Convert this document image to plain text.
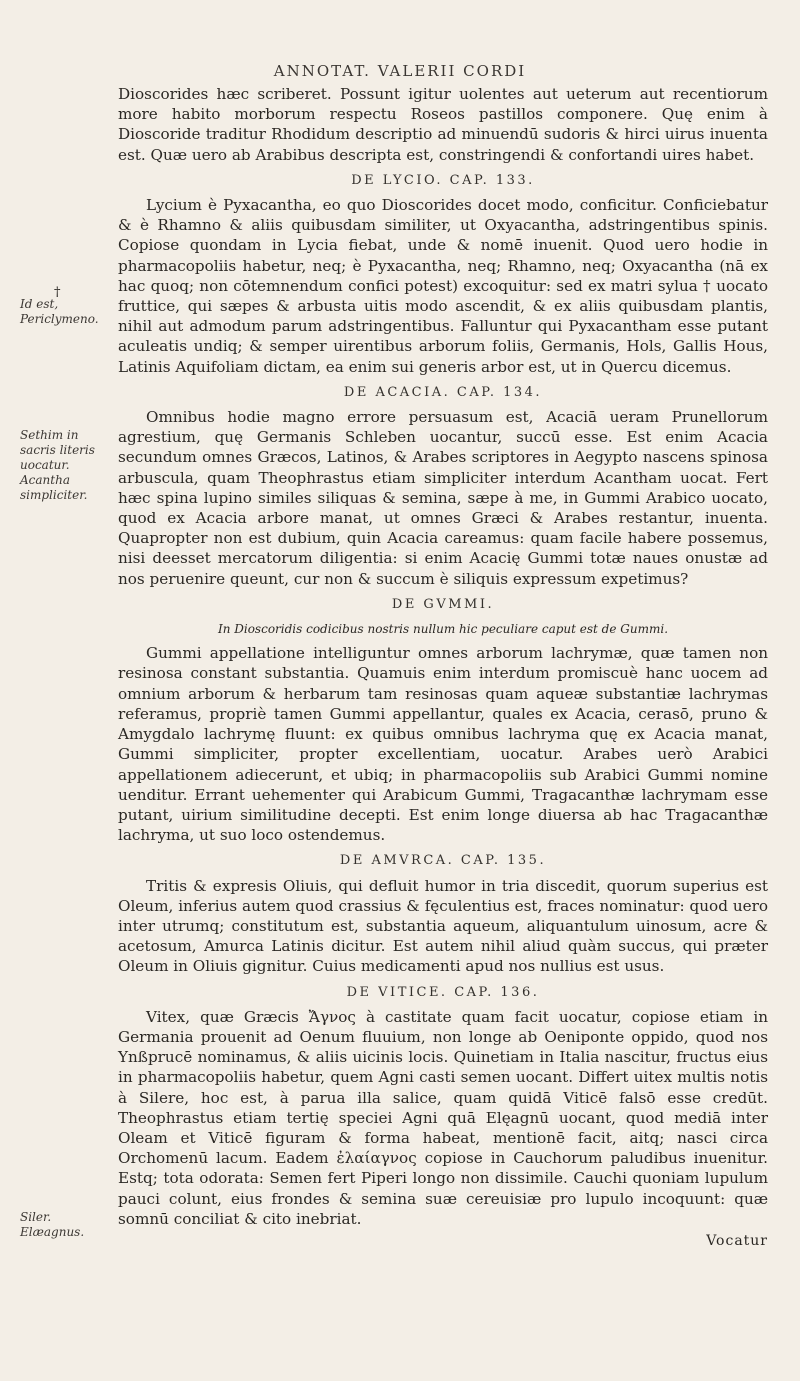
ANNOTAT. VALERII CORDI
†
Id est, Periclymeno.
Sethim in sacris literis uocatur. Acantha simpliciter.
Siler. Elæagnus.

Dioscorides hæc scriberet. Possunt igitur uolentes aut ueterum aut recentiorum more habito morborum respectu Roseos pastillos componere. Quę enim à Dioscoride traditur Rhodidum descriptio ad minuendū sudoris & hirci uirus inuenta est. Quæ uero ab Arabibus descripta est, constringendi & confortandi uires habet.

DE LYCIO. CAP. 133.

Lycium è Pyxacantha, eo quo Dioscorides docet modo, conficitur. Conficiebatur & è Rhamno & aliis quibusdam similiter, ut Oxyacantha, adstringentibus spinis. Copiose quondam in Lycia fiebat, unde & nomē inuenit. Quod uero hodie in pharmacopoliis habetur, neq; è Pyxacantha, neq; Rhamno, neq; Oxyacantha (nā ex hac quoq; non cōtemnendum confici potest) excoquitur: sed ex matri sylua † uocato fruttice, qui sæpes & arbusta uitis modo ascendit, & ex aliis quibusdam plantis, nihil aut admodum parum adstringentibus. Falluntur qui Pyxacantham esse putant aculeatis undiq; & semper uirentibus arborum foliis, Germanis, Hols, Gallis Hous, Latinis Aquifoliam dictam, ea enim sui generis arbor est, ut in Quercu dicemus.

DE ACACIA. CAP. 134.

Omnibus hodie magno errore persuasum est, Acaciā ueram Prunellorum agrestium, quę Germanis Schleben uocantur, succū esse. Est enim Acacia secundum omnes Græcos, Latinos, & Arabes scriptores in Aegypto nascens spinosa arbuscula, quam Theophrastus etiam simpliciter interdum Acantham uocat. Fert hæc spina lupino similes siliquas & semina, sæpe à me, in Gummi Arabico uocato, quod ex Acacia arbore manat, ut omnes Græci & Arabes restantur, inuenta. Quapropter non est dubium, quin Acacia careamus: quam facile habere possemus, nisi deesset mercatorum diligentia: si enim Acacię Gummi totæ naues onustæ ad nos peruenire queunt, cur non & succum è siliquis expressum expetimus?

DE GVMMI.
In Dioscoridis codicibus nostris nullum hic peculiare caput est de Gummi.

Gummi appellatione intelliguntur omnes arborum lachrymæ, quæ tamen non resinosa constant substantia. Quamuis enim interdum promiscuè hanc uocem ad omnium arborum & herbarum tam resinosas quam aqueæ substantiæ lachrymas referamus, propriè tamen Gummi appellantur, quales ex Acacia, cerasō, pruno & Amygdalo lachrymę fluunt: ex quibus omnibus lachryma quę ex Acacia manat, Gummi simpliciter, propter excellentiam, uocatur. Arabes uerò Arabici appellationem adiecerunt, et ubiq; in pharmacopoliis sub Arabici Gummi nomine uenditur. Errant uehementer qui Arabicum Gummi, Tragacanthæ lachrymam esse putant, uirium similitudine decepti. Est enim longe diuersa ab hac Tragacanthæ lachryma, ut suo loco ostendemus.

DE AMVRCA. CAP. 135.

Tritis & expresis Oliuis, qui defluit humor in tria discedit, quorum superius est Oleum, inferius autem quod crassius & fęculentius est, fraces nominatur: quod uero inter utrumq; constitutum est, substantia aqueum, aliquantulum uinosum, acre & acetosum, Amurca Latinis dicitur. Est autem nihil aliud quàm succus, qui præter Oleum in Oliuis gignitur. Cuius medicamenti apud nos nullius est usus.

DE VITICE. CAP. 136.

Vitex, quæ Græcis Ἄγνος à castitate quam facit uocatur, copiose etiam in Germania prouenit ad Oenum fluuium, non longe ab Oeniponte oppido, quod nos Ynßprucē nominamus, & aliis uicinis locis. Quinetiam in Italia nascitur, fructus eius in pharmacopoliis habetur, quem Agni casti semen uocant. Differt uitex multis notis à Silere, hoc est, à parua illa salice, quam quidā Viticē falsō esse credūt. Theophrastus etiam tertię speciei Agni quā Elęagnū uocant, quod mediā inter Oleam et Viticē figuram & forma habeat, mentionē facit, aitq; nasci circa Orchomenū lacum. Eadem ἐλαίαγνος copiose in Cauchorum paludibus inuenitur. Estq; tota odorata: Semen fert Piperi longo non dissimile. Cauchi quoniam lupulum pauci colunt, eius frondes & semina suæ cereuisiæ pro lupulo incoquunt: quæ somnū conciliat & cito inebriat.

Vocatur
